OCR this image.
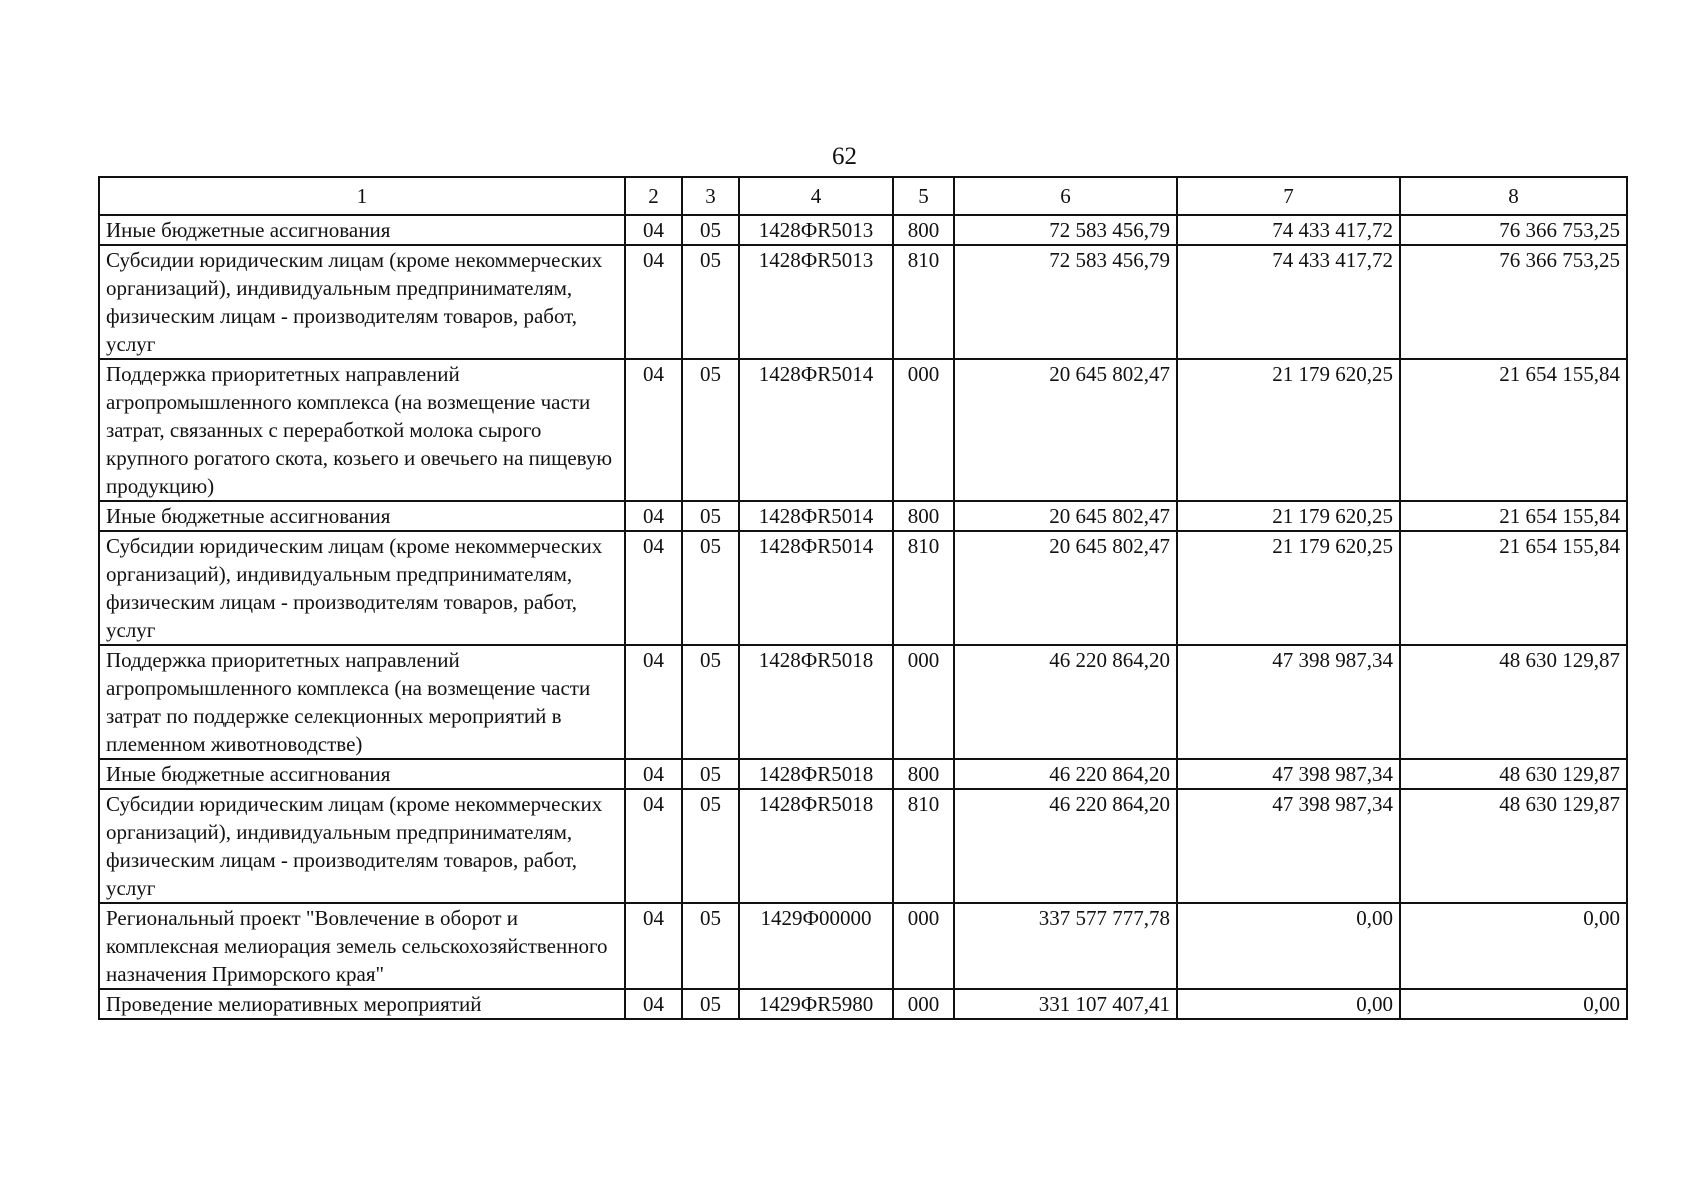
62
1	2	3	4	5	6	7	8
Иные бюджетные ассигнования	04	05	1428ФR5013	800	72 583 456,79	74 433 417,72	76 366 753,25
Субсидии юридическим лицам (кроме некоммерческих организаций), индивидуальным предпринимателям, физическим лицам - производителям товаров, работ, услуг	04	05	1428ФR5013	810	72 583 456,79	74 433 417,72	76 366 753,25
Поддержка приоритетных направлений агропромышленного комплекса (на возмещение части затрат, связанных с переработкой молока сырого крупного рогатого скота, козьего и овечьего на пищевую продукцию)	04	05	1428ФR5014	000	20 645 802,47	21 179 620,25	21 654 155,84
Иные бюджетные ассигнования	04	05	1428ФR5014	800	20 645 802,47	21 179 620,25	21 654 155,84
Субсидии юридическим лицам (кроме некоммерческих организаций), индивидуальным предпринимателям, физическим лицам - производителям товаров, работ, услуг	04	05	1428ФR5014	810	20 645 802,47	21 179 620,25	21 654 155,84
Поддержка приоритетных направлений агропромышленного комплекса (на возмещение части затрат по поддержке селекционных мероприятий в племенном животноводстве)	04	05	1428ФR5018	000	46 220 864,20	47 398 987,34	48 630 129,87
Иные бюджетные ассигнования	04	05	1428ФR5018	800	46 220 864,20	47 398 987,34	48 630 129,87
Субсидии юридическим лицам (кроме некоммерческих организаций), индивидуальным предпринимателям, физическим лицам - производителям товаров, работ, услуг	04	05	1428ФR5018	810	46 220 864,20	47 398 987,34	48 630 129,87
Региональный проект "Вовлечение в оборот и комплексная мелиорация земель сельскохозяйственного назначения Приморского края"	04	05	1429Ф00000	000	337 577 777,78	0,00	0,00
Проведение мелиоративных мероприятий	04	05	1429ФR5980	000	331 107 407,41	0,00	0,00
